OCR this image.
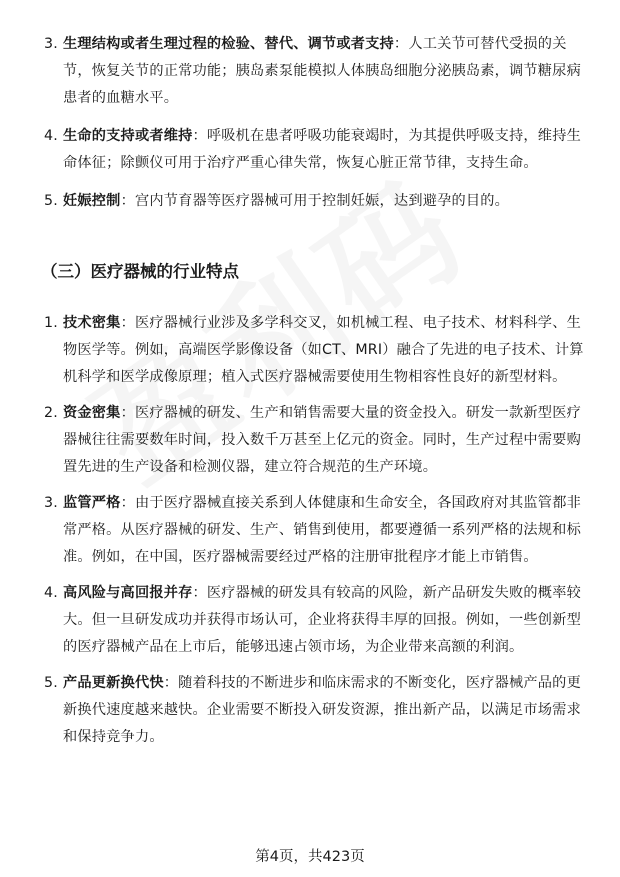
3. 生理结构或者生理过程的检验、替代、调节或者支持：人工关节可替代受损的关节，恢复关节的正常功能；胰岛素泵能模拟人体胰岛细胞分泌胰岛素，调节糖尿病患者的血糖水平。
4. 生命的支持或者维持：呼吸机在患者呼吸功能衰竭时，为其提供呼吸支持，维持生命体征；除颤仪可用于治疗严重心律失常，恢复心脏正常节律，支持生命。
5. 妊娠控制：宫内节育器等医疗器械可用于控制妊娠，达到避孕的目的。
（三）医疗器械的行业特点
1. 技术密集：医疗器械行业涉及多学科交叉，如机械工程、电子技术、材料科学、生物医学等。例如，高端医学影像设备（如CT、MRI）融合了先进的电子技术、计算机科学和医学成像原理；植入式医疗器械需要使用生物相容性良好的新型材料。
2. 资金密集：医疗器械的研发、生产和销售需要大量的资金投入。研发一款新型医疗器械往往需要数年时间，投入数千万甚至上亿元的资金。同时，生产过程中需要购置先进的生产设备和检测仪器，建立符合规范的生产环境。
3. 监管严格：由于医疗器械直接关系到人体健康和生命安全，各国政府对其监管都非常严格。从医疗器械的研发、生产、销售到使用，都要遵循一系列严格的法规和标准。例如，在中国，医疗器械需要经过严格的注册审批程序才能上市销售。
4. 高风险与高回报并存：医疗器械的研发具有较高的风险，新产品研发失败的概率较大。但一旦研发成功并获得市场认可，企业将获得丰厚的回报。例如，一些创新型的医疗器械产品在上市后，能够迅速占领市场，为企业带来高额的利润。
5. 产品更新换代快：随着科技的不断进步和临床需求的不断变化，医疗器械产品的更新换代速度越来越快。企业需要不断投入研发资源，推出新产品，以满足市场需求和保持竞争力。
第4页，共423页
